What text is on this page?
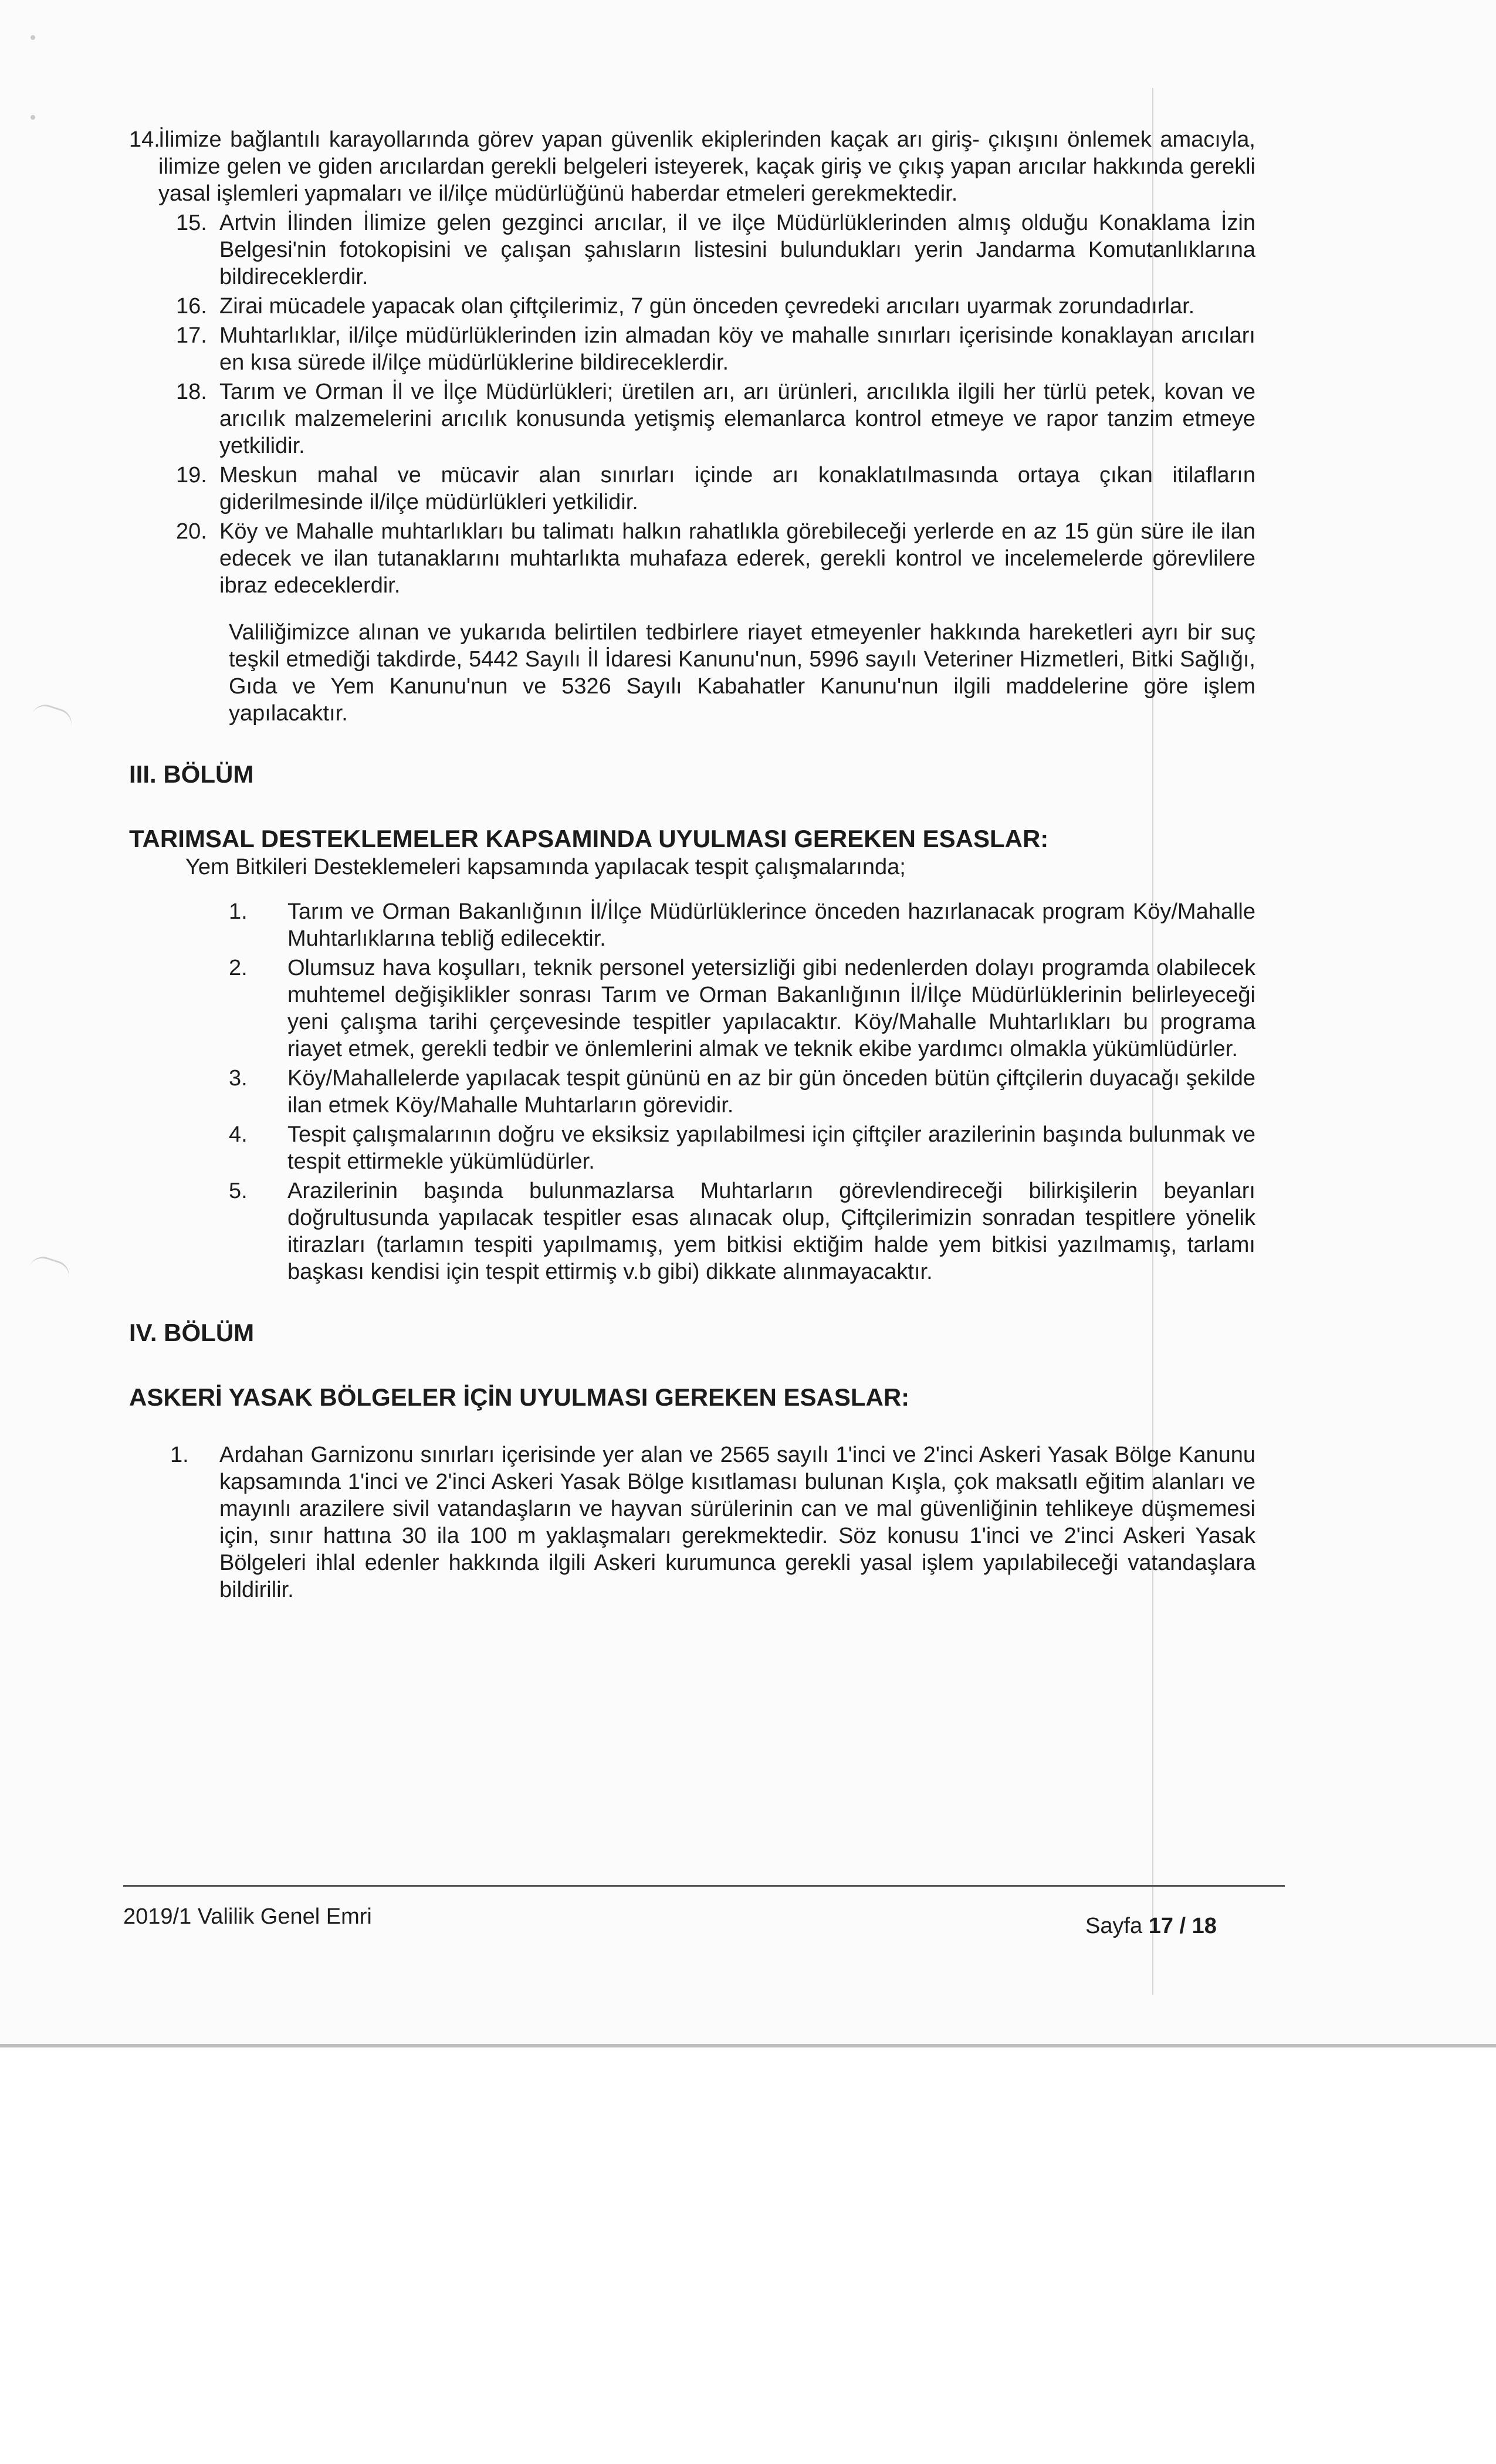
14.
İlimize bağlantılı karayollarında görev yapan güvenlik ekiplerinden kaçak arı giriş- çıkışını önlemek amacıyla, ilimize gelen ve giden arıcılardan gerekli belgeleri isteyerek, kaçak giriş ve çıkış yapan arıcılar hakkında gerekli yasal işlemleri yapmaları ve il/ilçe müdürlüğünü haberdar etmeleri gerekmektedir.
15. Artvin İlinden İlimize gelen gezginci arıcılar, il ve ilçe Müdürlüklerinden almış olduğu Konaklama İzin Belgesi'nin fotokopisini ve çalışan şahısların listesini bulundukları yerin Jandarma Komutanlıklarına bildireceklerdir.
16. Zirai mücadele yapacak olan çiftçilerimiz, 7 gün önceden çevredeki arıcıları uyarmak zorundadırlar.
17. Muhtarlıklar, il/ilçe müdürlüklerinden izin almadan köy ve mahalle sınırları içerisinde konaklayan arıcıları en kısa sürede il/ilçe müdürlüklerine bildireceklerdir.
18. Tarım ve Orman İl ve İlçe Müdürlükleri; üretilen arı, arı ürünleri, arıcılıkla ilgili her türlü petek, kovan ve arıcılık malzemelerini arıcılık konusunda yetişmiş elemanlarca kontrol etmeye ve rapor tanzim etmeye yetkilidir.
19. Meskun mahal ve mücavir alan sınırları içinde arı konaklatılmasında ortaya çıkan itilafların giderilmesinde il/ilçe müdürlükleri yetkilidir.
20. Köy ve Mahalle muhtarlıkları bu talimatı halkın rahatlıkla görebileceği yerlerde en az 15 gün süre ile ilan edecek ve ilan tutanaklarını muhtarlıkta muhafaza ederek, gerekli kontrol ve incelemelerde görevlilere ibraz edeceklerdir.
Valiliğimizce alınan ve yukarıda belirtilen tedbirlere riayet etmeyenler hakkında hareketleri ayrı bir suç teşkil etmediği takdirde, 5442 Sayılı İl İdaresi Kanunu'nun, 5996 sayılı Veteriner Hizmetleri, Bitki Sağlığı, Gıda ve Yem Kanunu'nun ve 5326 Sayılı Kabahatler Kanunu'nun ilgili maddelerine göre işlem yapılacaktır.
III. BÖLÜM
TARIMSAL DESTEKLEMELER KAPSAMINDA UYULMASI GEREKEN ESASLAR:
Yem Bitkileri Desteklemeleri kapsamında yapılacak tespit çalışmalarında;
1.	Tarım ve Orman Bakanlığının İl/İlçe Müdürlüklerince önceden hazırlanacak program Köy/Mahalle Muhtarlıklarına tebliğ edilecektir.
2.	Olumsuz hava koşulları, teknik personel yetersizliği gibi nedenlerden dolayı programda olabilecek muhtemel değişiklikler sonrası Tarım ve Orman Bakanlığının İl/İlçe Müdürlüklerinin belirleyeceği yeni çalışma tarihi çerçevesinde tespitler yapılacaktır. Köy/Mahalle Muhtarlıkları bu programa riayet etmek, gerekli tedbir ve önlemlerini almak ve teknik ekibe yardımcı olmakla yükümlüdürler.
3.	Köy/Mahallelerde yapılacak tespit gününü en az bir gün önceden bütün çiftçilerin duyacağı şekilde ilan etmek Köy/Mahalle Muhtarların görevidir.
4.	Tespit çalışmalarının doğru ve eksiksiz yapılabilmesi için çiftçiler arazilerinin başında bulunmak ve tespit ettirmekle yükümlüdürler.
5.	Arazilerinin başında bulunmazlarsa Muhtarların görevlendireceği bilirkişilerin beyanları doğrultusunda yapılacak tespitler esas alınacak olup, Çiftçilerimizin sonradan tespitlere yönelik itirazları (tarlamın tespiti yapılmamış, yem bitkisi ektiğim halde yem bitkisi yazılmamış, tarlamı başkası kendisi için tespit ettirmiş v.b gibi) dikkate alınmayacaktır.
IV. BÖLÜM
ASKERİ YASAK BÖLGELER İÇİN UYULMASI GEREKEN ESASLAR:
1.	Ardahan Garnizonu sınırları içerisinde yer alan ve 2565 sayılı 1'inci ve 2'inci Askeri Yasak Bölge Kanunu kapsamında 1'inci ve 2'inci Askeri Yasak Bölge kısıtlaması bulunan Kışla, çok maksatlı eğitim alanları ve mayınlı arazilere sivil vatandaşların ve hayvan sürülerinin can ve mal güvenliğinin tehlikeye düşmemesi için, sınır hattına 30 ila 100 m yaklaşmaları gerekmektedir. Söz konusu 1'inci ve 2'inci Askeri Yasak Bölgeleri ihlal edenler hakkında ilgili Askeri kurumunca gerekli yasal işlem yapılabileceği vatandaşlara bildirilir.
2019/1 Valilik Genel Emri	Sayfa 17 / 18
